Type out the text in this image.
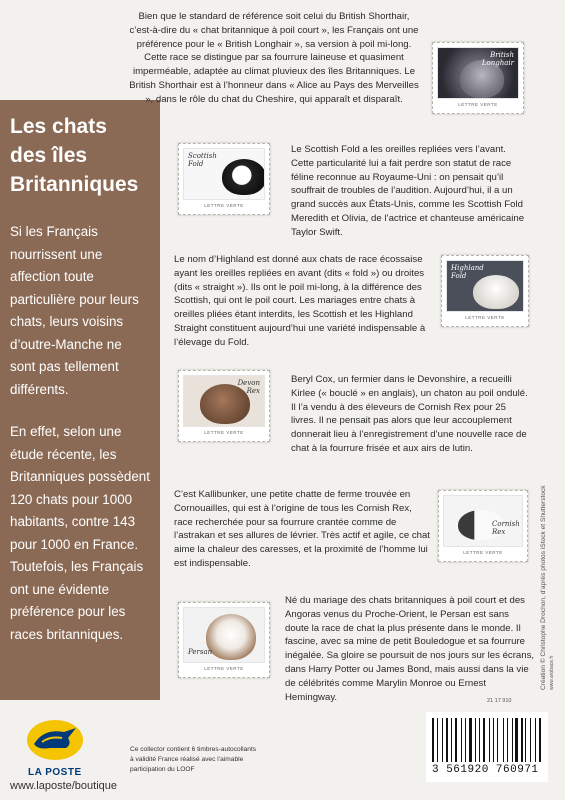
Les chats
des îles
Britanniques

Si les Français nourrissent une affection toute particulière pour leurs chats, leurs voisins d’outre-Manche ne sont pas tellement différents.

En effet, selon une étude récente, les Britanniques possèdent 120 chats pour 1000 habitants, contre 143 pour 1000 en France. Toutefois, les Français ont une évidente préférence pour les races britanniques.

Bien que le standard de référence soit celui du British Shorthair, c’est-à-dire du « chat britannique à poil court », les Français ont une préférence pour le « British Longhair », sa version à poil mi-long. Cette race se distingue par sa fourrure laineuse et quasiment imperméable, adaptée au climat pluvieux des îles Britanniques. Le British Shorthair est à l’honneur dans « Alice au Pays des Merveilles », dans le rôle du chat du Cheshire, qui apparaît et disparaît.
British Longhair
LETTRE VERTE
Scottish Fold
LETTRE VERTE
Le Scottish Fold a les oreilles repliées vers l’avant. Cette particularité lui a fait perdre son statut de race féline reconnue au Royaume-Uni : on pensait qu’il souffrait de troubles de l’audition. Aujourd’hui, il a un grand succès aux États-Unis, comme les Scottish Fold Meredith et Olivia, de l’actrice et chanteuse américaine Taylor Swift.
Le nom d’Highland est donné aux chats de race écossaise ayant les oreilles repliées en avant (dits « fold ») ou droites (dits « straight »). Ils ont le poil mi-long, à la différence des Scottish, qui ont le poil court. Les mariages entre chats à oreilles pliées étant interdits, les Scottish et les Highland Straight constituent aujourd’hui une variété indispensable à l’élevage du Fold.
Highland Fold
LETTRE VERTE
Devon Rex
LETTRE VERTE
Beryl Cox, un fermier dans le Devonshire, a recueilli Kirlee (« bouclé » en anglais), un chaton au poil ondulé. Il l’a vendu à des éleveurs de Cornish Rex pour 25 livres. Il ne pensait pas alors que leur accouplement donnerait lieu à l’enregistrement d’une nouvelle race de chat à la fourrure frisée et aux airs de lutin.
C’est Kallibunker, une petite chatte de ferme trouvée en Cornouailles, qui est à l’origine de tous les Cornish Rex, race recherchée pour sa fourrure crantée comme de l’astrakan et ses allures de lévrier. Très actif et agile, ce chat aime la chaleur des caresses, et la proximité de l’homme lui est indispensable.
Cornish Rex
LETTRE VERTE
Persan
LETTRE VERTE
Né du mariage des chats britanniques à poil court et des Angoras venus du Proche-Orient, le Persan est sans doute la race de chat la plus présente dans le monde. Il fascine, avec sa mine de petit Bouledogue et sa fourrure inégalée. Sa gloire se poursuit de nos jours sur les écrans, dans Harry Potter ou James Bond, mais aussi dans la vie de célébrités comme Marylin Monroe ou Ernest Hemingway.
Création © Christophe Drochon, d’après photos iStock et Shutterstock www.arobace.fr
LA POSTE
www.laposte/boutique
Ce collector contient 6 timbres-autocollants
à validité France réalisé avec l’aimable
participation du LOOF
21 17 910
3 561920 760971
